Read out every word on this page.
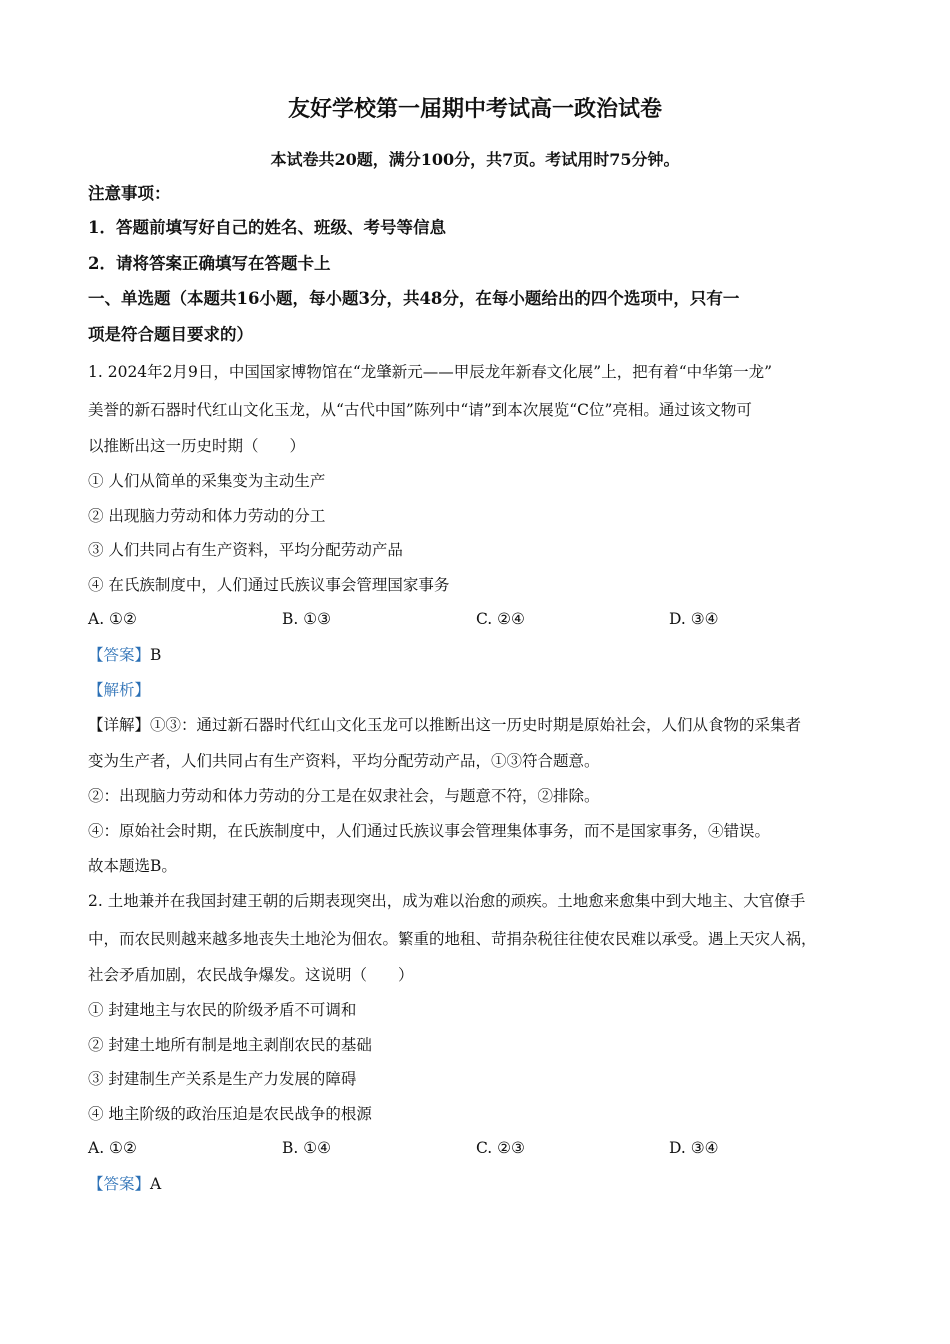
友好学校第一届期中考试高一政治试卷
本试卷共20题，满分100分，共7页。考试用时75分钟。
注意事项：
1．答题前填写好自己的姓名、班级、考号等信息
2．请将答案正确填写在答题卡上
一、单选题（本题共16小题，每小题3分，共48分，在每小题给出的四个选项中，只有一
项是符合题目要求的）
1. 2024年2月9日，中国国家博物馆在“龙肇新元——甲辰龙年新春文化展”上，把有着“中华第一龙”
美誉的新石器时代红山文化玉龙，从“古代中国”陈列中“请”到本次展览“C位”亮相。通过该文物可
以推断出这一历史时期（　　）
① 人们从简单的采集变为主动生产
② 出现脑力劳动和体力劳动的分工
③ 人们共同占有生产资料，平均分配劳动产品
④ 在氏族制度中，人们通过氏族议事会管理国家事务
A. ①②	B. ①③	C. ②④	D. ③④
【答案】B
【解析】
【详解】①③：通过新石器时代红山文化玉龙可以推断出这一历史时期是原始社会，人们从食物的采集者
变为生产者，人们共同占有生产资料，平均分配劳动产品，①③符合题意。
②：出现脑力劳动和体力劳动的分工是在奴隶社会，与题意不符，②排除。
④：原始社会时期，在氏族制度中，人们通过氏族议事会管理集体事务，而不是国家事务，④错误。
故本题选B。
2. 土地兼并在我国封建王朝的后期表现突出，成为难以治愈的顽疾。土地愈来愈集中到大地主、大官僚手
中，而农民则越来越多地丧失土地沦为佃农。繁重的地租、苛捐杂税往往使农民难以承受。遇上天灾人祸，
社会矛盾加剧，农民战争爆发。这说明（　　）
① 封建地主与农民的阶级矛盾不可调和
② 封建土地所有制是地主剥削农民的基础
③ 封建制生产关系是生产力发展的障碍
④ 地主阶级的政治压迫是农民战争的根源
A. ①②	B. ①④	C. ②③	D. ③④
【答案】A
